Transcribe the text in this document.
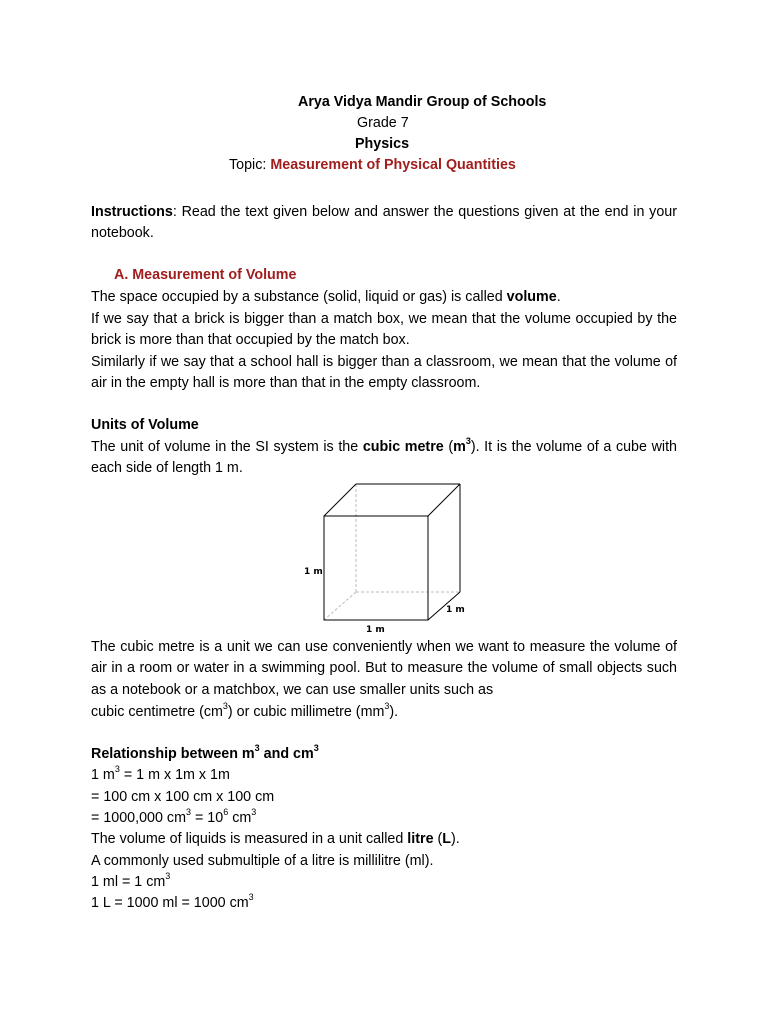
Arya Vidya Mandir Group of Schools
Grade 7
Physics
Topic: Measurement of Physical Quantities
Instructions: Read the text given below and answer the questions given at the end in your notebook.
A. Measurement of Volume
The space occupied by a substance (solid, liquid or gas) is called volume.
If we say that a brick is bigger than a match box, we mean that the volume occupied by the brick is more than that occupied by the match box.
Similarly if we say that a school hall is bigger than a classroom, we mean that the volume of air in the empty hall is more than that in the empty classroom.
Units of Volume
The unit of volume in the SI system is the cubic metre $(m^3)$. It is the volume of a cube with each side of length 1 m.
1 m
1 m
1 m
The cubic metre is a unit we can use conveniently when we want to measure the volume of air in a room or water in a swimming pool. But to measure the volume of small objects such as a notebook or a matchbox, we can use smaller units such as
cubic centimetre $(cm^3)$ or cubic millimetre $(mm^3)$.
Relationship between $m^3$ and $cm^3$
1 $m^3 = 1$ m x 1m x 1m
= 100 cm x 100 cm x 100 cm
= 1000,000 $cm^3 = 10^6$ $cm^3$
The volume of liquids is measured in a unit called litre (L).
A commonly used submultiple of a litre is millilitre (ml).
1 ml = 1 $cm^3$
1 L = 1000 ml = 1000 $cm^3$
